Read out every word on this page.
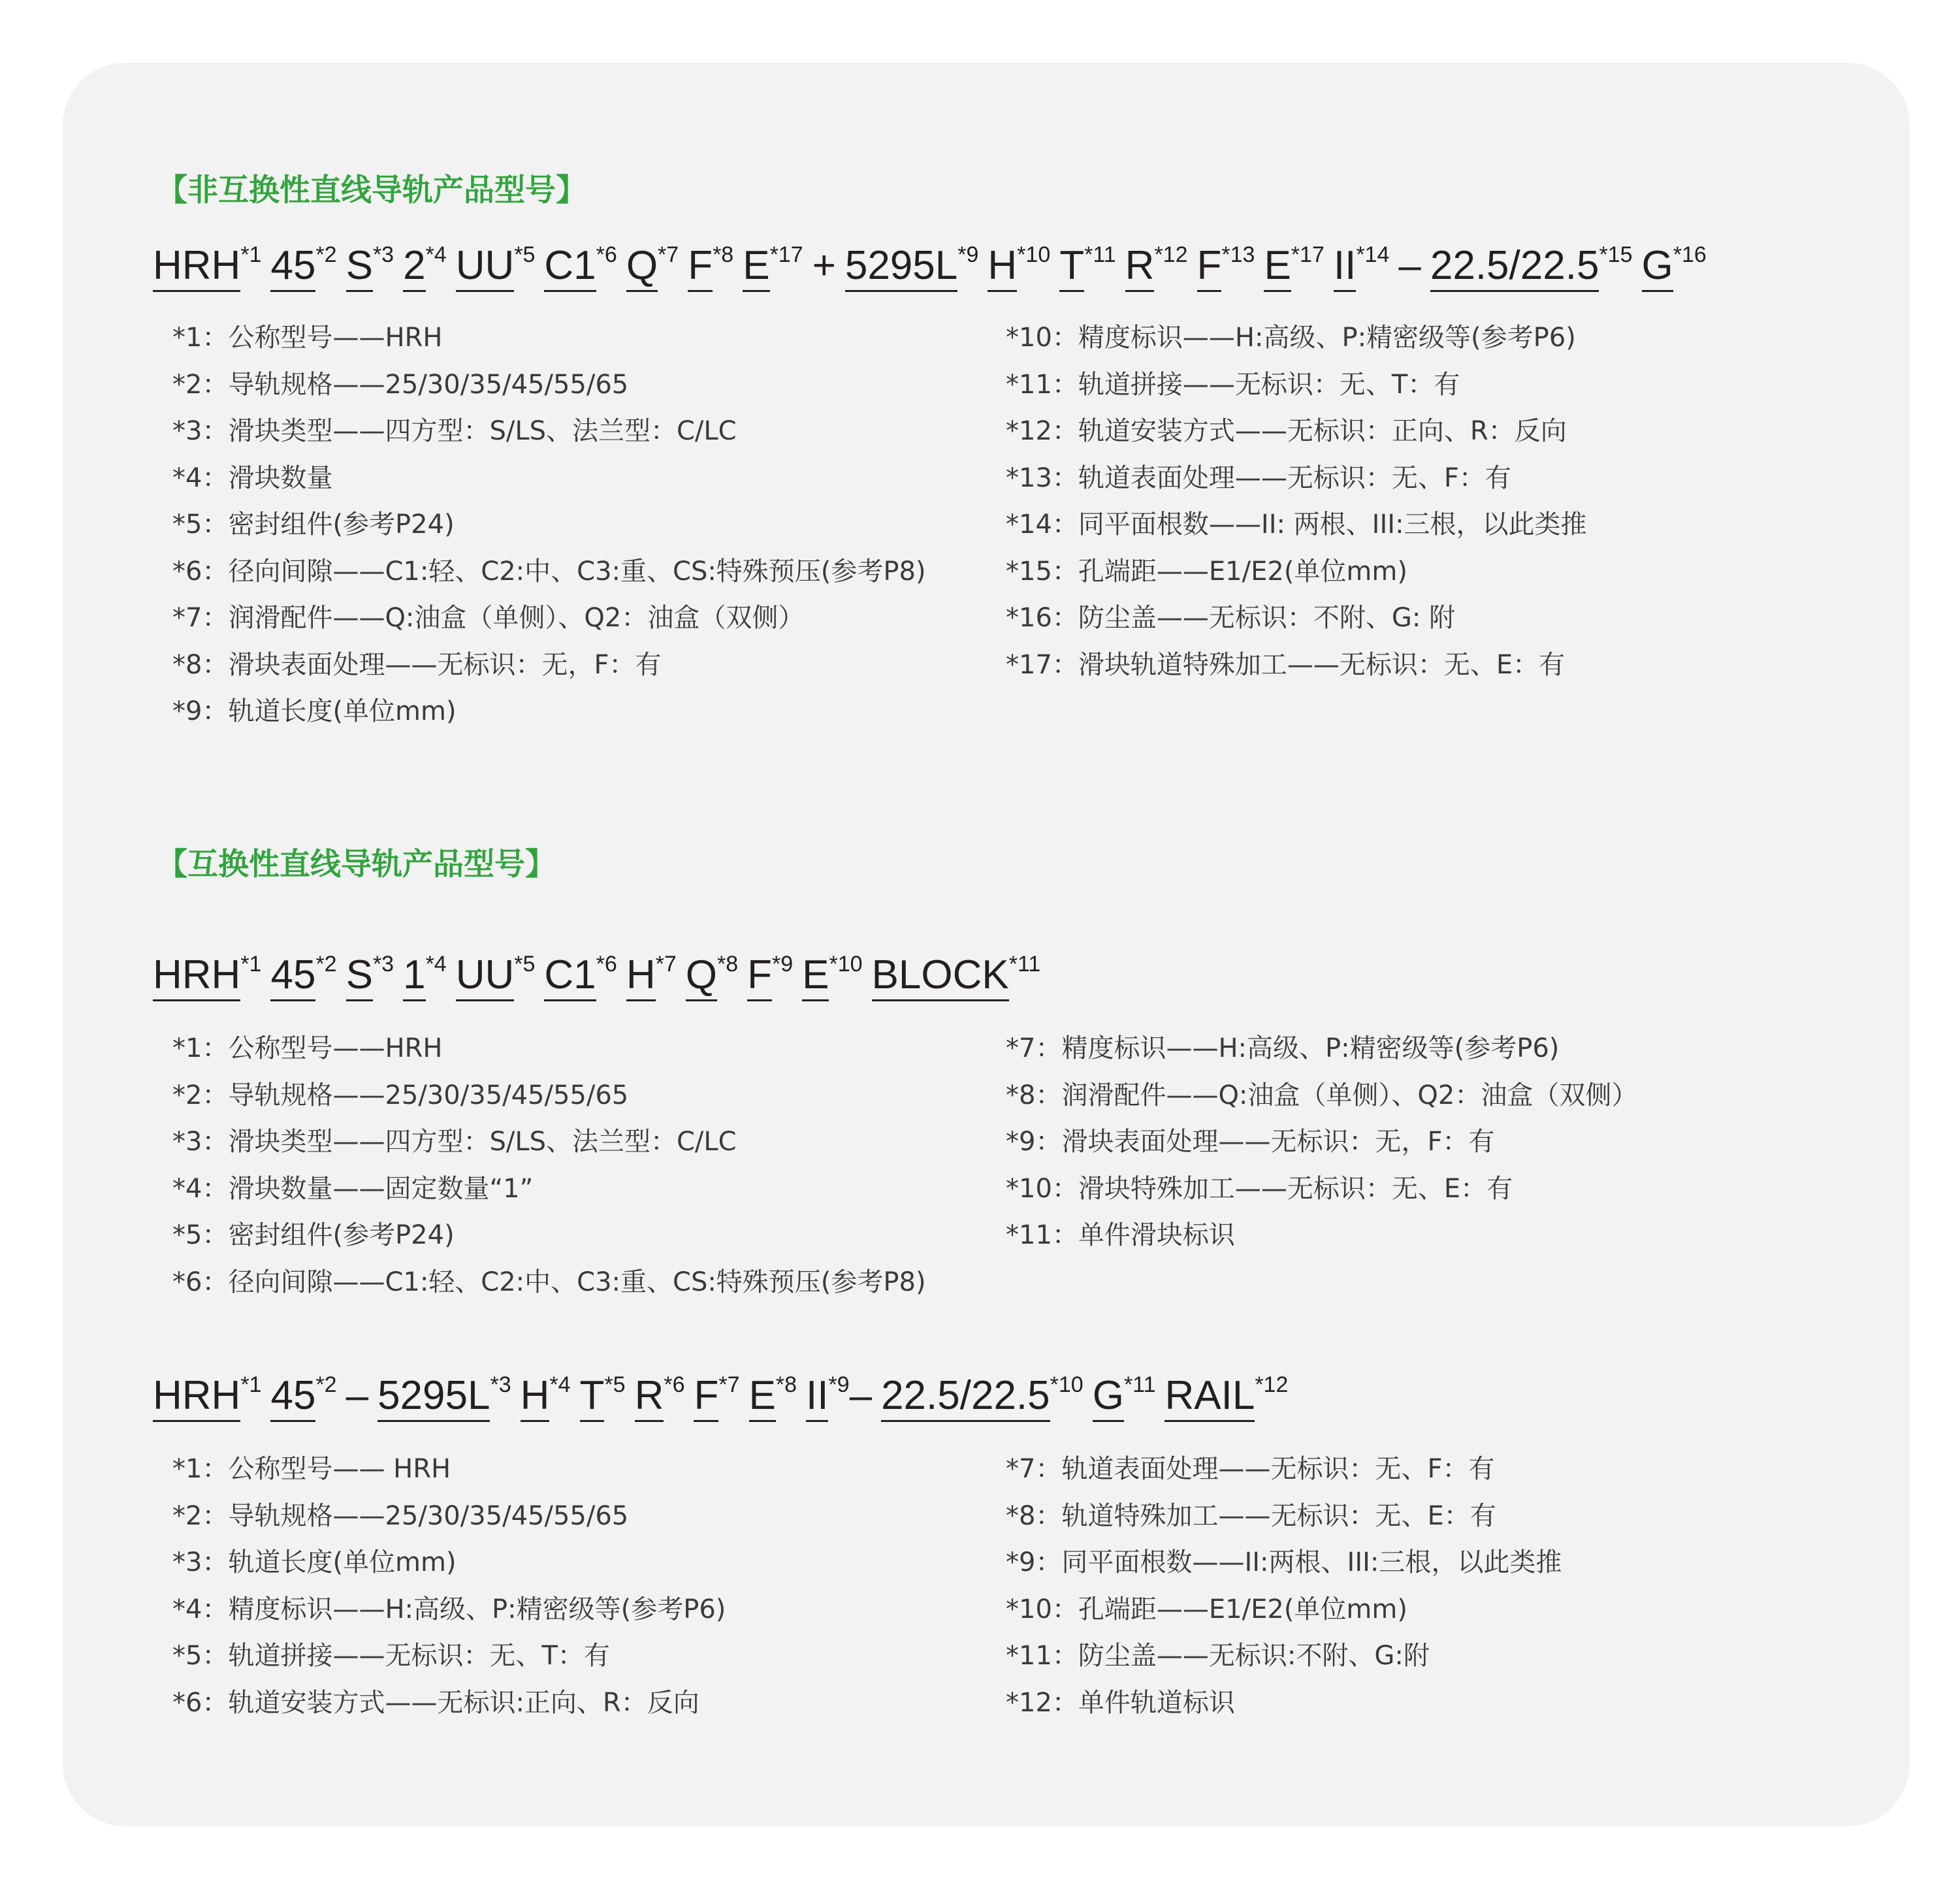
【非互换性直线导轨产品型号】
HRH$^{*1}$ 45$^{*2}$ $S^{*3}$ 2$^{*4}$ UU$^{*5}$ C1$^{*6}$ $Q^{*7}$ $F^{*8}$ $E^{*17} + 5295L^{*9}$ $H^{*10}$ $T^{*11}$ $R^{*12}$ $F^{*13}$ $E^{*17}$ II$^{*14}$ – 22.5/22.5$^{*15}$ $G^{*16}$
*1：公称型号——HRH
*2：导轨规格——25/30/35/45/55/65
*3：滑块类型——四方型：S/LS、法兰型：C/LC
*4：滑块数量
*5：密封组件(参考P24)
*6：径向间隙——C1:轻、C2:中、C3:重、CS:特殊预压(参考P8)
*7：润滑配件——Q:油盒（单侧）、Q2：油盒（双侧）
*8：滑块表面处理——无标识：无，F：有
*9：轨道长度(单位mm)
*10：精度标识——H:高级、P:精密级等(参考P6)
*11：轨道拼接——无标识：无、T：有
*12：轨道安装方式——无标识：正向、R：反向
*13：轨道表面处理——无标识：无、F：有
*14：同平面根数——II: 两根、III:三根，以此类推
*15：孔端距——E1/E2(单位mm)
*16：防尘盖——无标识：不附、G: 附
*17：滑块轨道特殊加工——无标识：无、E：有
【互换性直线导轨产品型号】
HRH$^{*1}$ 45$^{*2}$ $S^{*3}$ 1$^{*4}$ UU$^{*5}$ C1$^{*6}$ $H^{*7}$ $Q^{*8}$ $F^{*9}$ $E^{*10}$ BLOCK$^{*11}$
*1：公称型号——HRH
*2：导轨规格——25/30/35/45/55/65
*3：滑块类型——四方型：S/LS、法兰型：C/LC
*4：滑块数量——固定数量“1”
*5：密封组件(参考P24)
*6：径向间隙——C1:轻、C2:中、C3:重、CS:特殊预压(参考P8)
*7：精度标识——H:高级、P:精密级等(参考P6)
*8：润滑配件——Q:油盒（单侧）、Q2：油盒（双侧）
*9：滑块表面处理——无标识：无，F：有
*10：滑块特殊加工——无标识：无、E：有
*11：单件滑块标识
HRH$^{*1}$ $45^{*2} - 5295L^{*3}$ $H^{*4}$ $T^{*5}$ $R^{*6}$ $F^{*7}$ $E^{*8}$ II$^{*9}$– 22.5/22.5$^{*10}$ $G^{*11}$ RAIL$^{*12}$
*1：公称型号—— HRH
*2：导轨规格——25/30/35/45/55/65
*3：轨道长度(单位mm)
*4：精度标识——H:高级、P:精密级等(参考P6)
*5：轨道拼接——无标识：无、T：有
*6：轨道安装方式——无标识:正向、R：反向
*7：轨道表面处理——无标识：无、F：有
*8：轨道特殊加工——无标识：无、E：有
*9：同平面根数——II:两根、III:三根，以此类推
*10：孔端距——E1/E2(单位mm)
*11：防尘盖——无标识:不附、G:附
*12：单件轨道标识
